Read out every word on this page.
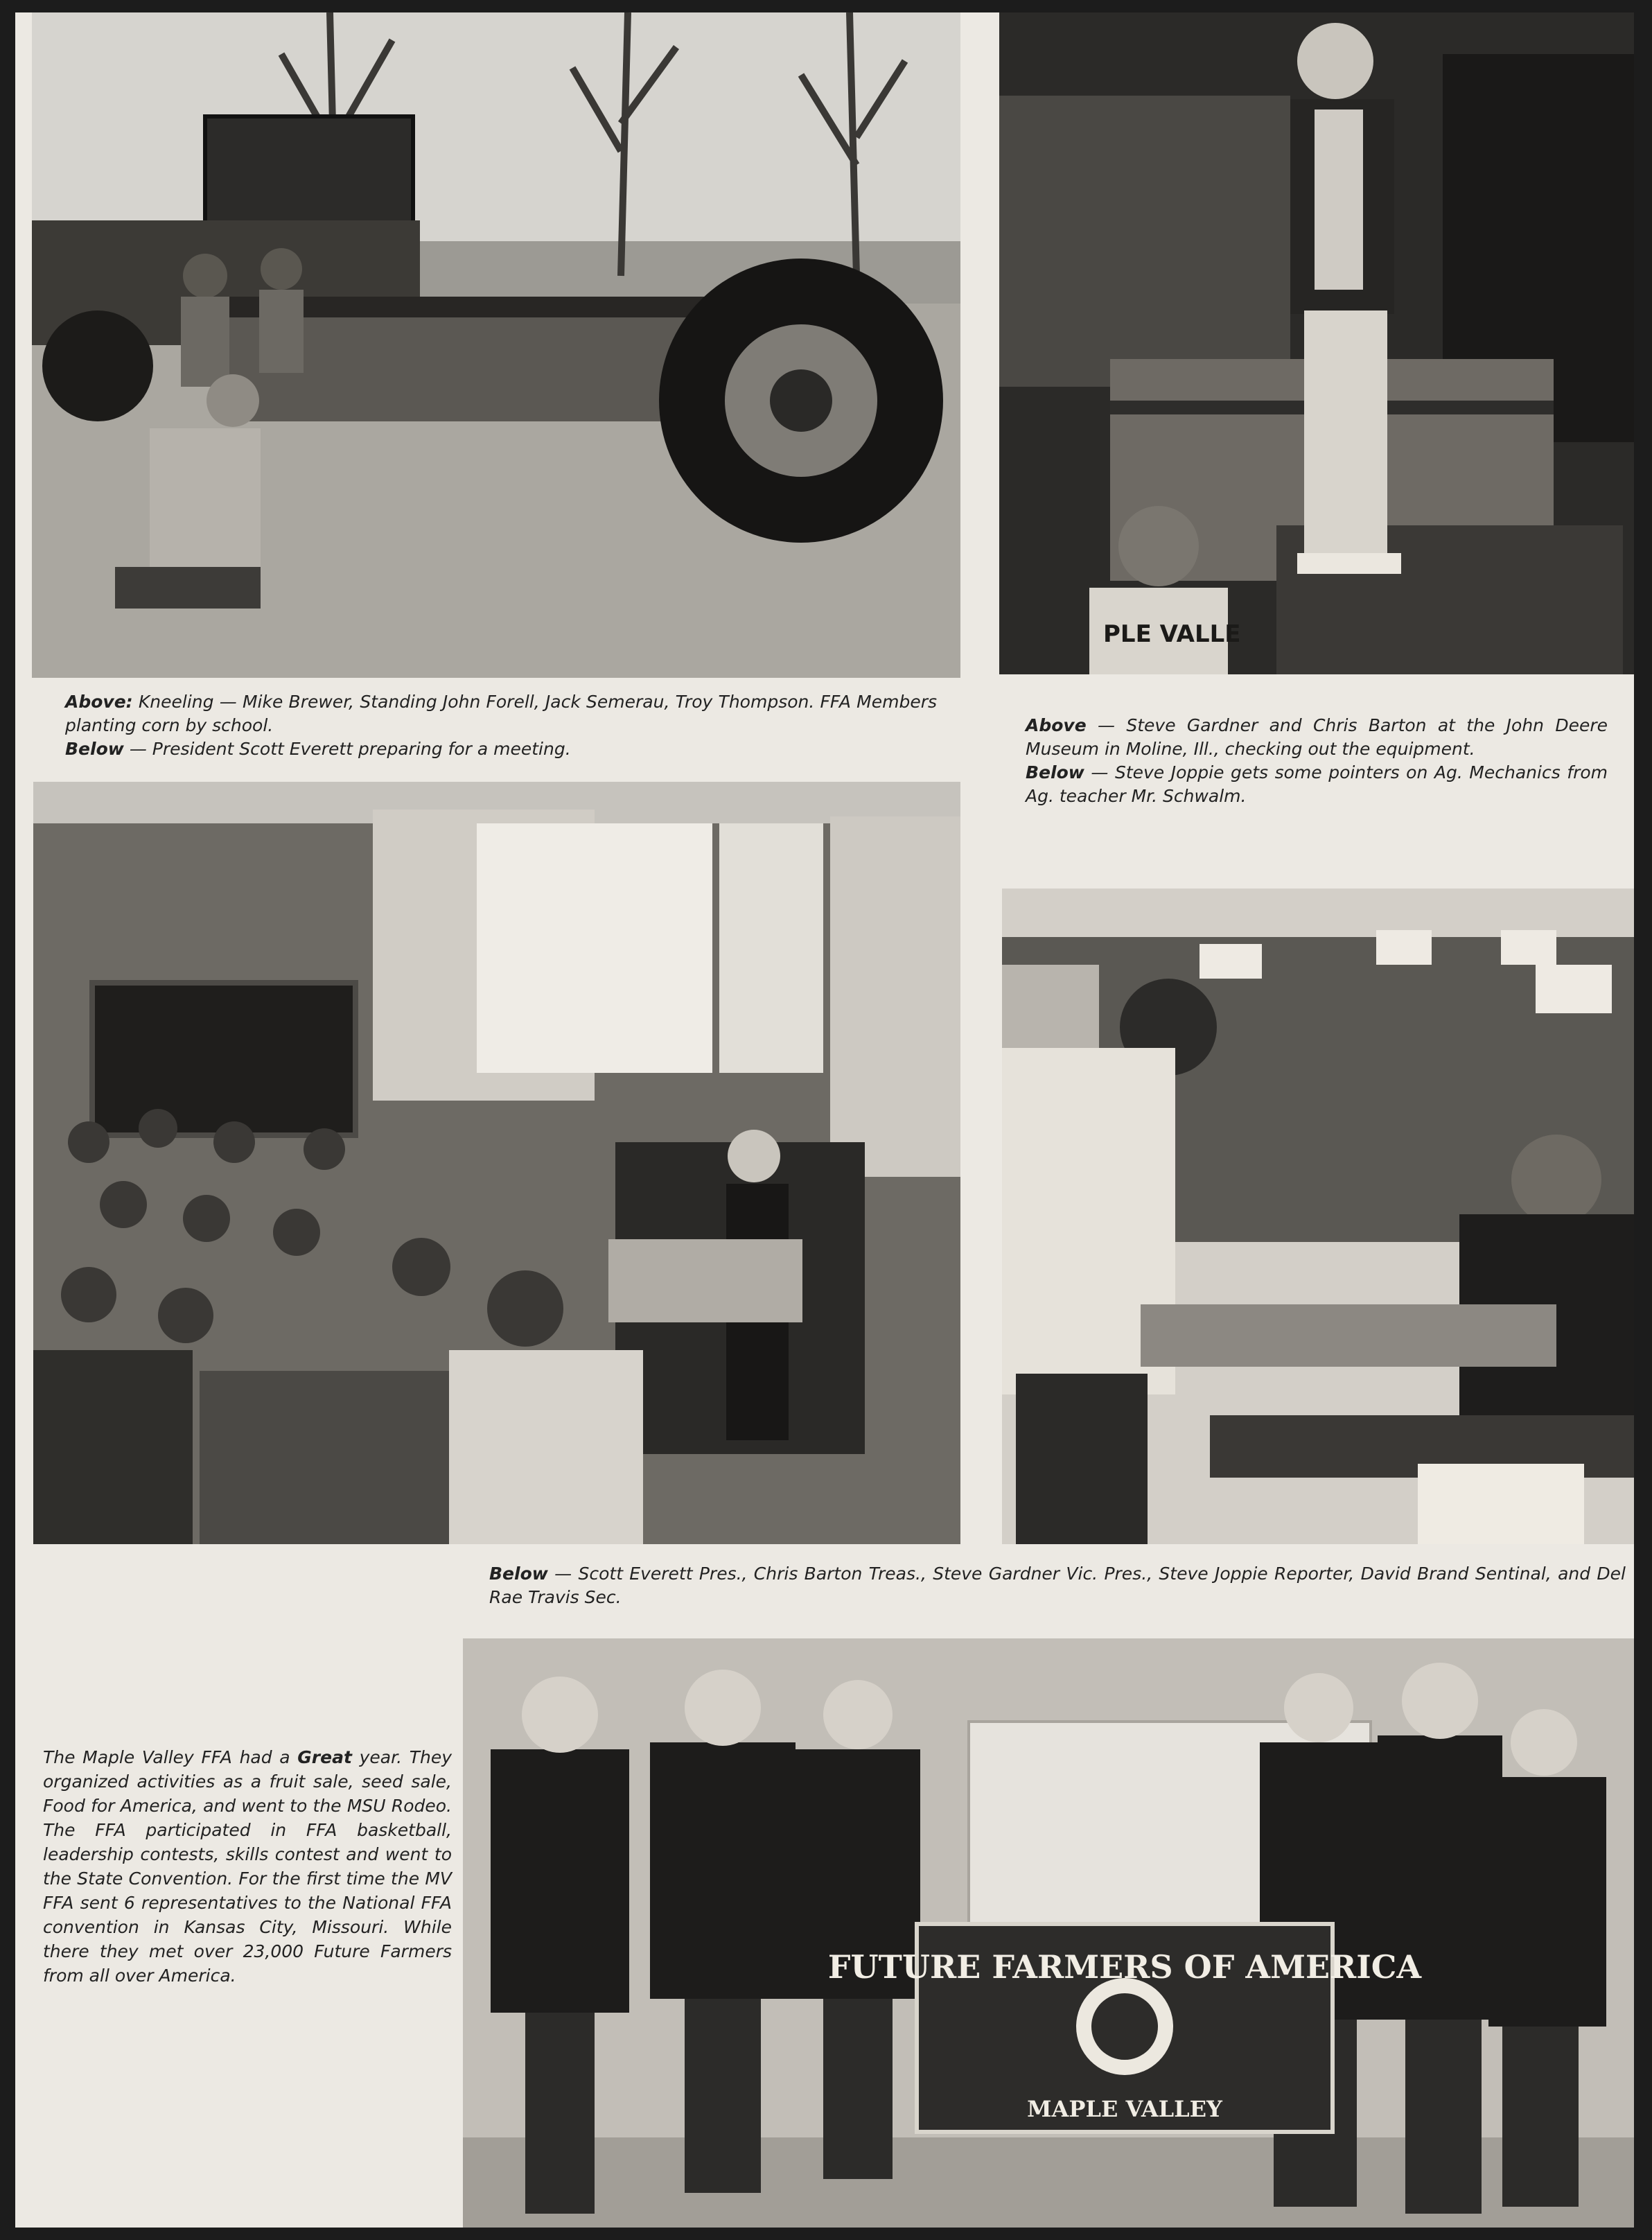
PLE VALLE

Above: Kneeling — Mike Brewer, Standing John Forell, Jack Semerau, Troy Thompson. FFA Members planting corn by school.

Below — President Scott Everett preparing for a meeting.

Above — Steve Gardner and Chris Barton at the John Deere Museum in Moline, Ill., checking out the equipment.

Below — Steve Joppie gets some pointers on Ag. Mechanics from Ag. teacher Mr. Schwalm.

Below — Scott Everett Pres., Chris Barton Treas., Steve Gardner Vic. Pres., Steve Joppie Reporter, David Brand Sentinal, and Del Rae Travis Sec.

The Maple Valley FFA had a Great year. They organized activities as a fruit sale, seed sale, Food for America, and went to the MSU Rodeo. The FFA participated in FFA basketball, leadership contests, skills contest and went to the State Convention. For the first time the MV FFA sent 6 representatives to the National FFA convention in Kansas City, Missouri. While there they met over 23,000 Future Farmers from all over America.	FUTURE FARMERS OF AMERICA
MAPLE VALLEY
